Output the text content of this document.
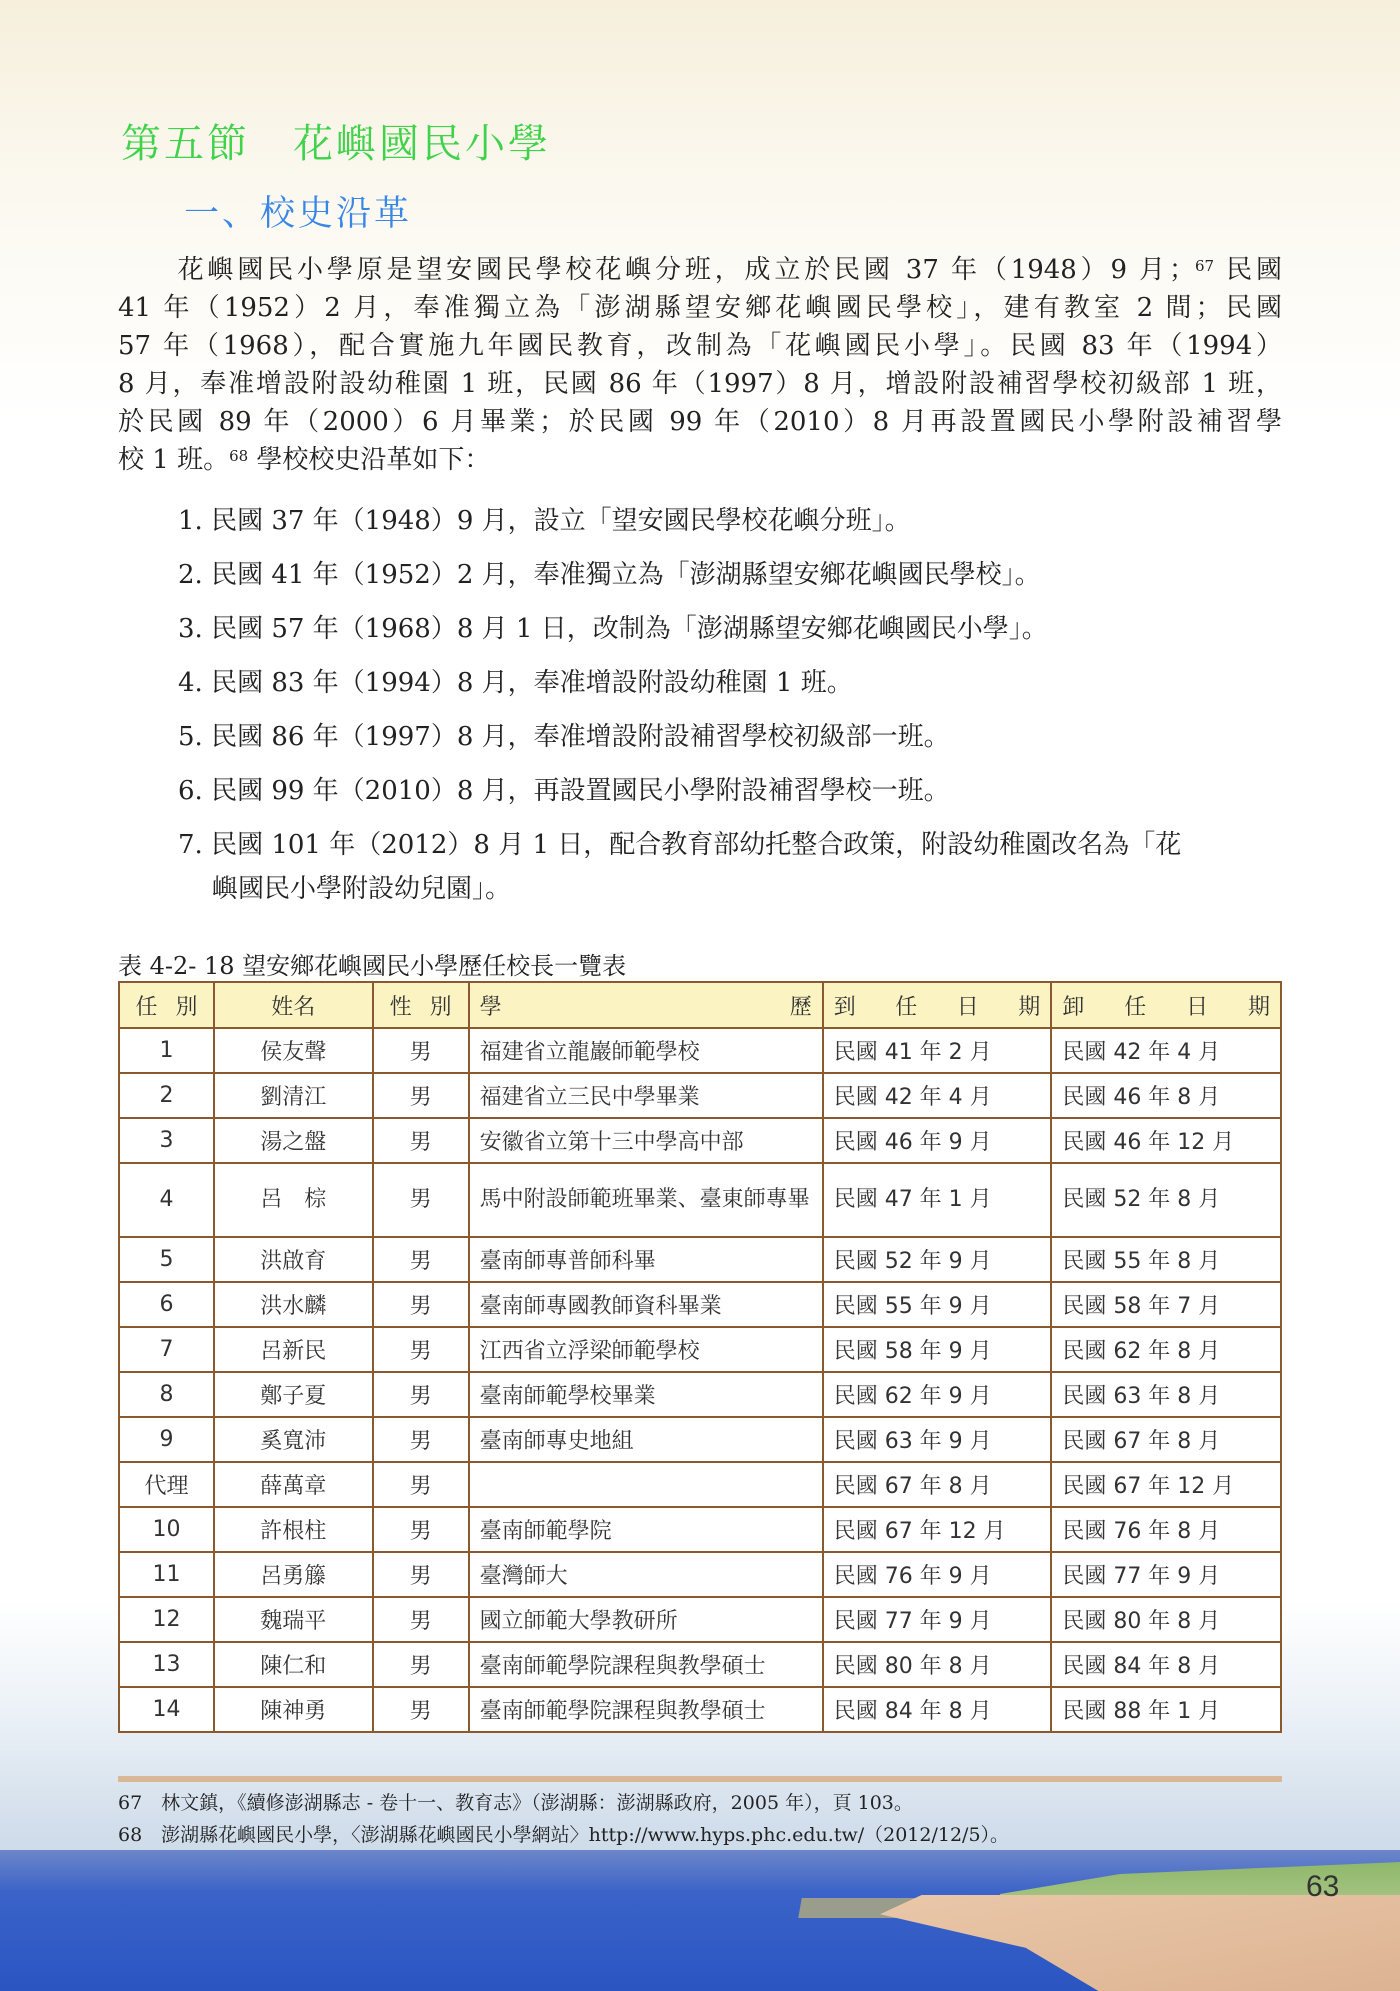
第五節　花嶼國民小學
一、校史沿革
　　花嶼國民小學原是望安國民學校花嶼分班，成立於民國 37 年（1948）9 月；$^{67}$ 民國
41 年（1952）2 月，奉准獨立為「澎湖縣望安鄉花嶼國民學校」，建有教室 2 間；民國
57 年（1968），配合實施九年國民教育，改制為「花嶼國民小學」。民國 83 年（1994）
8 月，奉准增設附設幼稚園 1 班，民國 86 年（1997）8 月，增設附設補習學校初級部 1 班，
於民國 89 年（2000）6 月畢業；於民國 99 年（2010）8 月再設置國民小學附設補習學
校 1 班。$^{68}$ 學校校史沿革如下：
1. 民國 37 年（1948）9 月，設立「望安國民學校花嶼分班」。
2. 民國 41 年（1952）2 月，奉准獨立為「澎湖縣望安鄉花嶼國民學校」。
3. 民國 57 年（1968）8 月 1 日，改制為「澎湖縣望安鄉花嶼國民小學」。
4. 民國 83 年（1994）8 月，奉准增設附設幼稚園 1 班。
5. 民國 86 年（1997）8 月，奉准增設附設補習學校初級部一班。
6. 民國 99 年（2010）8 月，再設置國民小學附設補習學校一班。
7. 民國 101 年（2012）8 月 1 日，配合教育部幼托整合政策，附設幼稚園改名為「花
嶼國民小學附設幼兒園」。
表 4-2- 18 望安鄉花嶼國民小學歷任校長一覽表
任 別	姓名	性 別	學 歷	到 任 日 期	卸 任 日 期

1	侯友聲	男	福建省立龍巖師範學校	民國 41 年 2 月	民國 42 年 4 月
2	劉清江	男	福建省立三民中學畢業	民國 42 年 4 月	民國 46 年 8 月
3	湯之盤	男	安徽省立第十三中學高中部	民國 46 年 9 月	民國 46 年 12 月
4	呂　棕	男	馬中附設師範班畢業、臺東師專畢	民國 47 年 1 月	民國 52 年 8 月
5	洪啟育	男	臺南師專普師科畢	民國 52 年 9 月	民國 55 年 8 月
6	洪水麟	男	臺南師專國教師資科畢業	民國 55 年 9 月	民國 58 年 7 月
7	呂新民	男	江西省立浮梁師範學校	民國 58 年 9 月	民國 62 年 8 月
8	鄭子夏	男	臺南師範學校畢業	民國 62 年 9 月	民國 63 年 8 月
9	奚寬沛	男	臺南師專史地組	民國 63 年 9 月	民國 67 年 8 月
代理	薛萬章	男		民國 67 年 8 月	民國 67 年 12 月
10	許根柱	男	臺南師範學院	民國 67 年 12 月	民國 76 年 8 月
11	呂勇籐	男	臺灣師大	民國 76 年 9 月	民國 77 年 9 月
12	魏瑞平	男	國立師範大學教研所	民國 77 年 9 月	民國 80 年 8 月
13	陳仁和	男	臺南師範學院課程與教學碩士	民國 80 年 8 月	民國 84 年 8 月
14	陳神勇	男	臺南師範學院課程與教學碩士	民國 84 年 8 月	民國 88 年 1 月
67　林文鎮，《續修澎湖縣志 - 卷十一、教育志》（澎湖縣：澎湖縣政府，2005 年），頁 103。
68　澎湖縣花嶼國民小學，〈澎湖縣花嶼國民小學網站〉http://www.hyps.phc.edu.tw/（2012/12/5）。
63
